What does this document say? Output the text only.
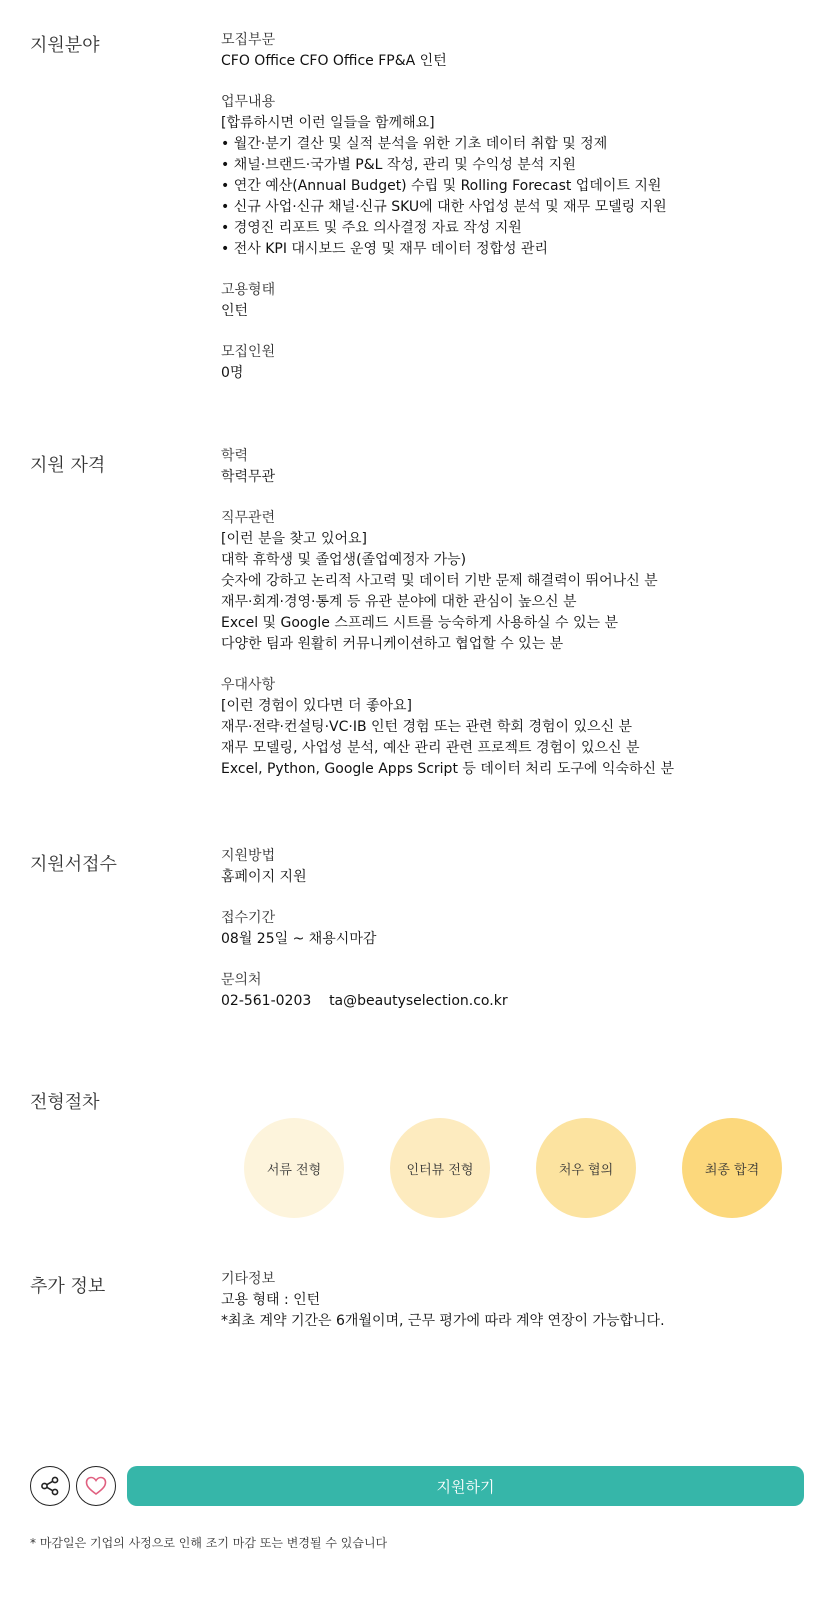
지원분야	모집부문
CFO Office CFO Office FP&A 인턴
업무내용
[합류하시면 이런 일들을 함께해요]
• 월간·분기 결산 및 실적 분석을 위한 기초 데이터 취합 및 정제
• 채널·브랜드·국가별 P&L 작성, 관리 및 수익성 분석 지원
• 연간 예산(Annual Budget) 수립 및 Rolling Forecast 업데이트 지원
• 신규 사업·신규 채널·신규 SKU에 대한 사업성 분석 및 재무 모델링 지원
• 경영진 리포트 및 주요 의사결정 자료 작성 지원
• 전사 KPI 대시보드 운영 및 재무 데이터 정합성 관리
고용형태
인턴
모집인원
0명
지원 자격	학력
학력무관
직무관련
[이런 분을 찾고 있어요]
대학 휴학생 및 졸업생(졸업예정자 가능)
숫자에 강하고 논리적 사고력 및 데이터 기반 문제 해결력이 뛰어나신 분
재무·회계·경영·통계 등 유관 분야에 대한 관심이 높으신 분
Excel 및 Google 스프레드 시트를 능숙하게 사용하실 수 있는 분
다양한 팀과 원활히 커뮤니케이션하고 협업할 수 있는 분
우대사항
[이런 경험이 있다면 더 좋아요]
재무·전략·컨설팅·VC·IB 인턴 경험 또는 관련 학회 경험이 있으신 분
재무 모델링, 사업성 분석, 예산 관리 관련 프로젝트 경험이 있으신 분
Excel, Python, Google Apps Script 등 데이터 처리 도구에 익숙하신 분
지원서접수	지원방법
홈페이지 지원
접수기간
08월 25일 ~ 채용시마감
문의처
02-561-0203    ta@beautyselection.co.kr
전형절차
서류 전형	인터뷰 전형	처우 협의	최종 합격
추가 정보	기타정보
고용 형태 : 인턴
*최초 계약 기간은 6개월이며, 근무 평가에 따라 계약 연장이 가능합니다.
지원하기
* 마감일은 기업의 사정으로 인해 조기 마감 또는 변경될 수 있습니다
